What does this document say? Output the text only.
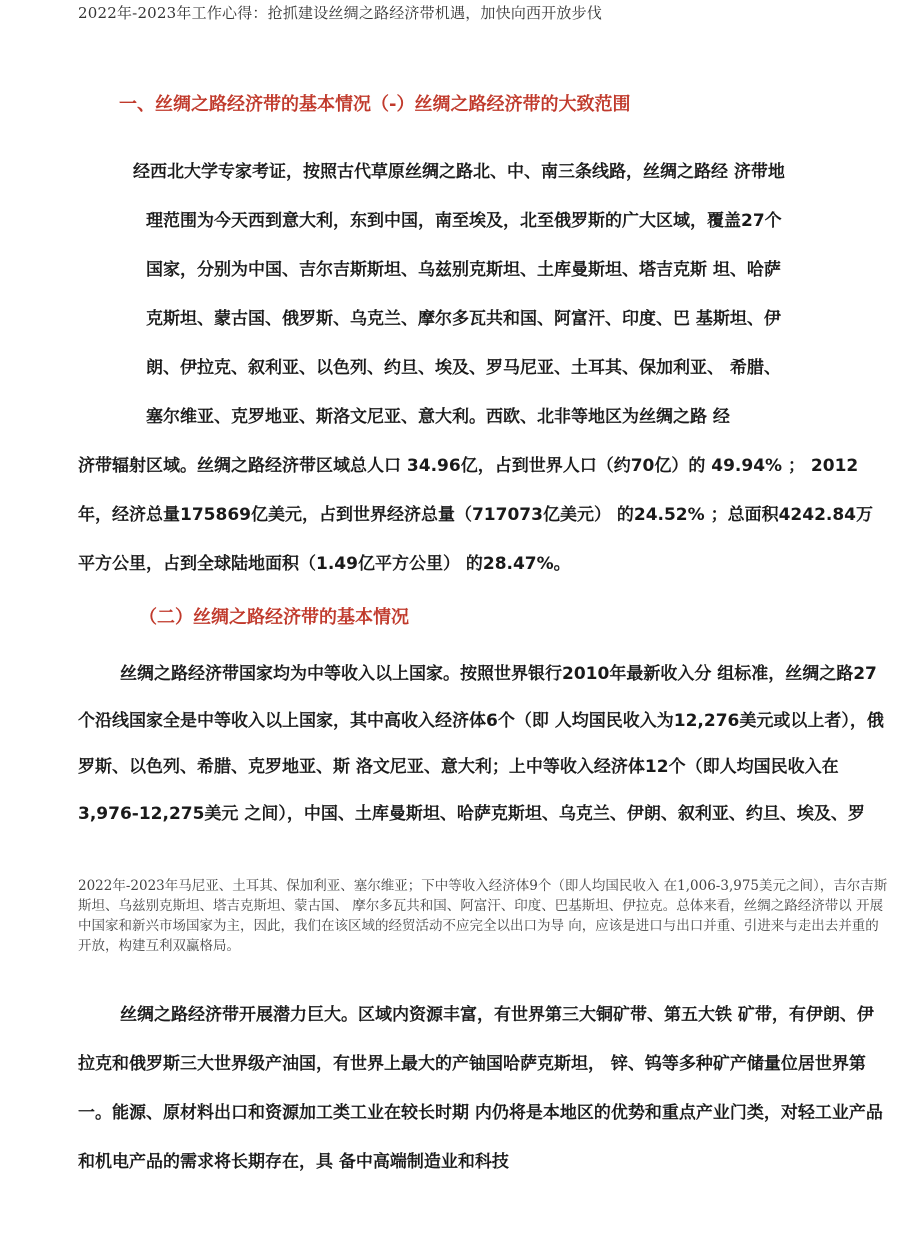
2022年-2023年工作心得：抢抓建设丝绸之路经济带机遇，加快向西开放步伐
一、丝绸之路经济带的基本情况（-）丝绸之路经济带的大致范围
经西北大学专家考证，按照古代草原丝绸之路北、中、南三条线路，丝绸之路经 济带地
理范围为今天西到意大利，东到中国，南至埃及，北至俄罗斯的广大区域，覆盖27个
国家，分别为中国、吉尔吉斯斯坦、乌兹别克斯坦、土库曼斯坦、塔吉克斯 坦、哈萨
克斯坦、蒙古国、俄罗斯、乌克兰、摩尔多瓦共和国、阿富汗、印度、巴 基斯坦、伊
朗、伊拉克、叙利亚、以色列、约旦、埃及、罗马尼亚、土耳其、保加利亚、 希腊、
塞尔维亚、克罗地亚、斯洛文尼亚、意大利。西欧、北非等地区为丝绸之路 经
济带辐射区域。丝绸之路经济带区域总人口 34.96亿，占到世界人口（约70亿）的 49.94% ； 2012
年，经济总量175869亿美元，占到世界经济总量（717073亿美元） 的24.52% ；总面积4242.84万
平方公里，占到全球陆地面积（1.49亿平方公里） 的28.47%。
（二）丝绸之路经济带的基本情况

丝绸之路经济带国家均为中等收入以上国家。按照世界银行2010年最新收入分 组标准，丝绸之路27个沿线国家全是中等收入以上国家，其中高收入经济体6个（即 人均国民收入为12,276美元或以上者），俄罗斯、以色列、希腊、克罗地亚、斯 洛文尼亚、意大利；上中等收入经济体12个（即人均国民收入在3,976-12,275美元 之间），中国、土库曼斯坦、哈萨克斯坦、乌克兰、伊朗、叙利亚、约旦、埃及、罗

2022年-2023年马尼亚、土耳其、保加利亚、塞尔维亚；下中等收入经济体9个（即人均国民收入 在1,006-3,975美元之间），吉尔吉斯斯坦、乌兹别克斯坦、塔吉克斯坦、蒙古国、 摩尔多瓦共和国、阿富汗、印度、巴基斯坦、伊拉克。总体来看，丝绸之路经济带以 开展中国家和新兴市场国家为主，因此，我们在该区域的经贸活动不应完全以出口为导 向，应该是进口与出口并重、引进来与走出去并重的开放，构建互利双赢格局。

丝绸之路经济带开展潜力巨大。区域内资源丰富，有世界第三大铜矿带、第五大铁 矿带，有伊朗、伊拉克和俄罗斯三大世界级产油国，有世界上最大的产铀国哈萨克斯坦， 锌、钨等多种矿产储量位居世界第一。能源、原材料出口和资源加工类工业在较长时期 内仍将是本地区的优势和重点产业门类，对轻工业产品和机电产品的需求将长期存在，具 备中高端制造业和科技
